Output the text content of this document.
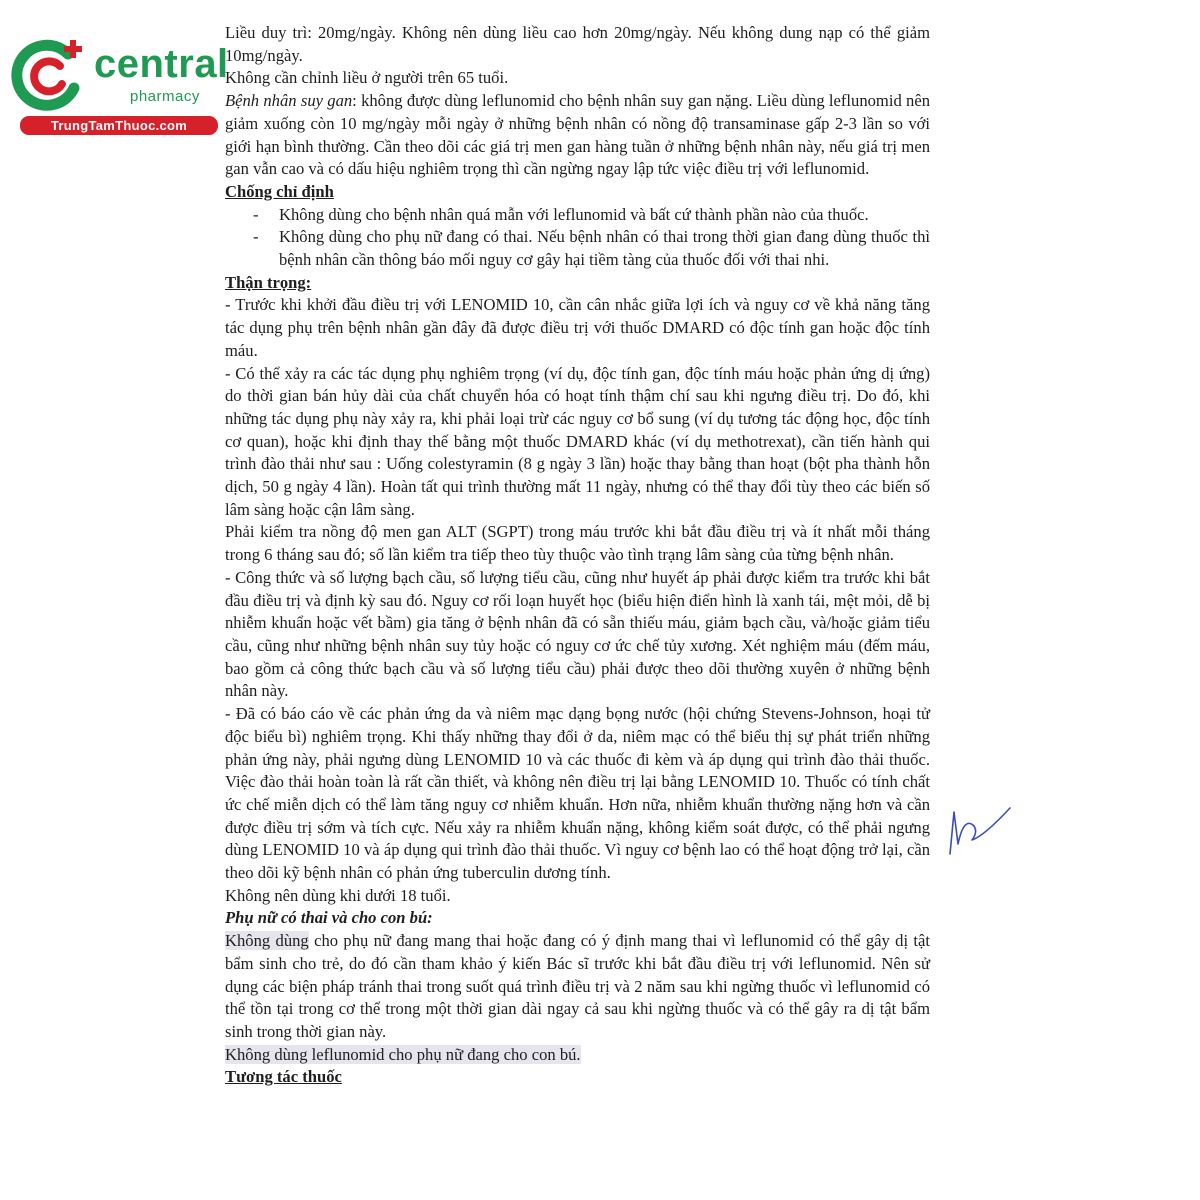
central
pharmacy
TrungTamThuoc.com

Liều duy trì: 20mg/ngày. Không nên dùng liều cao hơn 20mg/ngày. Nếu không dung nạp có thể giảm 10mg/ngày.

Không cần chỉnh liều ở người trên 65 tuổi.

Bệnh nhân suy gan: không được dùng leflunomid cho bệnh nhân suy gan nặng. Liều dùng leflunomid nên giảm xuống còn 10 mg/ngày mỗi ngày ở những bệnh nhân có nồng độ transaminase gấp 2-3 lần so với giới hạn bình thường. Cần theo dõi các giá trị men gan hàng tuần ở những bệnh nhân này, nếu giá trị men gan vẫn cao và có dấu hiệu nghiêm trọng thì cần ngừng ngay lập tức việc điều trị với leflunomid.

Chống chỉ định

- Không dùng cho bệnh nhân quá mẫn với leflunomid và bất cứ thành phần nào của thuốc.
- Không dùng cho phụ nữ đang có thai. Nếu bệnh nhân có thai trong thời gian đang dùng thuốc thì bệnh nhân cần thông báo mối nguy cơ gây hại tiềm tàng của thuốc đối với thai nhi.

Thận trọng:

- Trước khi khởi đầu điều trị với LENOMID 10, cần cân nhắc giữa lợi ích và nguy cơ về khả năng tăng tác dụng phụ trên bệnh nhân gần đây đã được điều trị với thuốc DMARD có độc tính gan hoặc độc tính máu.

- Có thể xảy ra các tác dụng phụ nghiêm trọng (ví dụ, độc tính gan, độc tính máu hoặc phản ứng dị ứng) do thời gian bán hủy dài của chất chuyển hóa có hoạt tính thậm chí sau khi ngưng điều trị. Do đó, khi những tác dụng phụ này xảy ra, khi phải loại trừ các nguy cơ bổ sung (ví dụ tương tác động học, độc tính cơ quan), hoặc khi định thay thế bằng một thuốc DMARD khác (ví dụ methotrexat), cần tiến hành qui trình đào thải như sau : Uống colestyramin (8 g ngày 3 lần) hoặc thay bằng than hoạt (bột pha thành hỗn dịch, 50 g ngày 4 lần). Hoàn tất qui trình thường mất 11 ngày, nhưng có thể thay đổi tùy theo các biến số lâm sàng hoặc cận lâm sàng.

Phải kiểm tra nồng độ men gan ALT (SGPT) trong máu trước khi bắt đầu điều trị và ít nhất mỗi tháng trong 6 tháng sau đó; số lần kiểm tra tiếp theo tùy thuộc vào tình trạng lâm sàng của từng bệnh nhân.

- Công thức và số lượng bạch cầu, số lượng tiểu cầu, cũng như huyết áp phải được kiểm tra trước khi bắt đầu điều trị và định kỳ sau đó. Nguy cơ rối loạn huyết học (biểu hiện điển hình là xanh tái, mệt mỏi, dễ bị nhiễm khuẩn hoặc vết bầm) gia tăng ở bệnh nhân đã có sẵn thiếu máu, giảm bạch cầu, và/hoặc giảm tiểu cầu, cũng như những bệnh nhân suy tủy hoặc có nguy cơ ức chế tủy xương. Xét nghiệm máu (đếm máu, bao gồm cả công thức bạch cầu và số lượng tiểu cầu) phải được theo dõi thường xuyên ở những bệnh nhân này.

- Đã có báo cáo về các phản ứng da và niêm mạc dạng bọng nước (hội chứng Stevens-Johnson, hoại tử độc biểu bì) nghiêm trọng. Khi thấy những thay đổi ở da, niêm mạc có thể biểu thị sự phát triển những phản ứng này, phải ngưng dùng LENOMID 10 và các thuốc đi kèm và áp dụng qui trình đào thải thuốc. Việc đào thải hoàn toàn là rất cần thiết, và không nên điều trị lại bằng LENOMID 10. Thuốc có tính chất ức chế miễn dịch có thể làm tăng nguy cơ nhiễm khuẩn. Hơn nữa, nhiễm khuẩn thường nặng hơn và cần được điều trị sớm và tích cực. Nếu xảy ra nhiễm khuẩn nặng, không kiểm soát được, có thể phải ngưng dùng LENOMID 10 và áp dụng qui trình đào thải thuốc. Vì nguy cơ bệnh lao có thể hoạt động trở lại, cần theo dõi kỹ bệnh nhân có phản ứng tuberculin dương tính.

Không nên dùng khi dưới 18 tuổi.

Phụ nữ có thai và cho con bú:

Không dùng cho phụ nữ đang mang thai hoặc đang có ý định mang thai vì leflunomid có thể gây dị tật bẩm sinh cho trẻ, do đó cần tham khảo ý kiến Bác sĩ trước khi bắt đầu điều trị với leflunomid. Nên sử dụng các biện pháp tránh thai trong suốt quá trình điều trị và 2 năm sau khi ngừng thuốc vì leflunomid có thể tồn tại trong cơ thể trong một thời gian dài ngay cả sau khi ngừng thuốc và có thể gây ra dị tật bẩm sinh trong thời gian này.

Không dùng leflunomid cho phụ nữ đang cho con bú.

Tương tác thuốc
